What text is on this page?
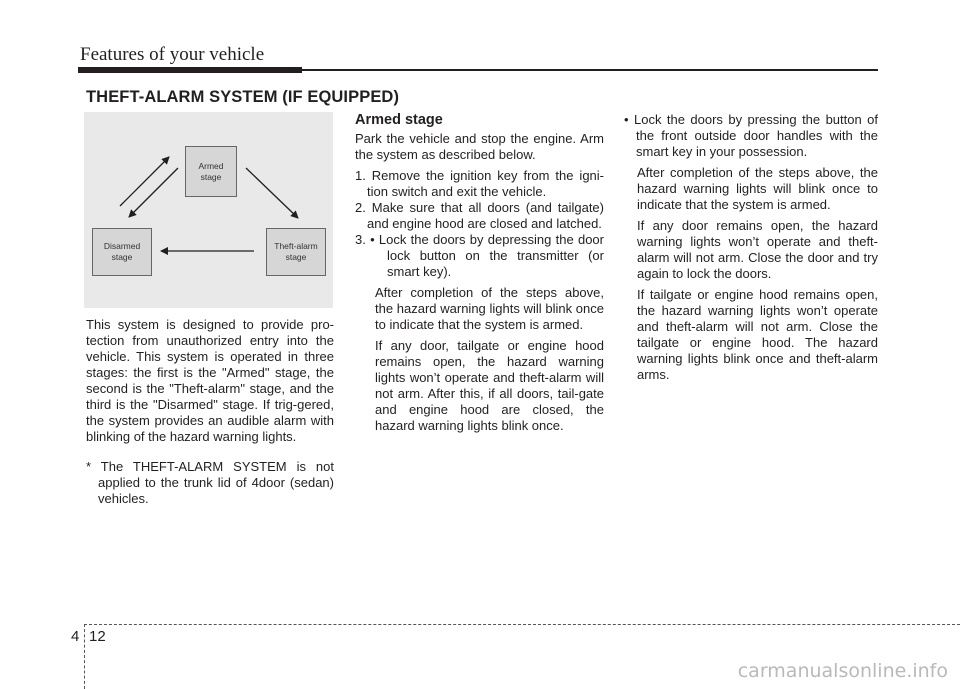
Features of your vehicle
THEFT-ALARM SYSTEM (IF EQUIPPED)
Armed
stage
Disarmed
stage
Theft-alarm
stage

This system is designed to provide pro-tection from unauthorized entry into the vehicle. This system is operated in three stages: the first is the "Armed" stage, the second is the "Theft-alarm" stage, and the third is the "Disarmed" stage. If trig-gered, the system provides an audible alarm with blinking of the hazard warning lights.

* The THEFT-ALARM SYSTEM is not applied to the trunk lid of 4door (sedan) vehicles.

Armed stage

Park the vehicle and stop the engine. Arm the system as described below.

1. Remove the ignition key from the igni-tion switch and exit the vehicle.

2. Make sure that all doors (and tailgate) and engine hood are closed and latched.

3. • Lock the doors by depressing the door lock button on the transmitter (or smart key).

After completion of the steps above, the hazard warning lights will blink once to indicate that the system is armed.

If any door, tailgate or engine hood remains open, the hazard warning lights won’t operate and theft-alarm will not arm. After this, if all doors, tail-gate and engine hood are closed, the hazard warning lights blink once.

• Lock the doors by pressing the button of the front outside door handles with the smart key in your possession.

After completion of the steps above, the hazard warning lights will blink once to indicate that the system is armed.

If any door remains open, the hazard warning lights won’t operate and theft-alarm will not arm. Close the door and try again to lock the doors.

If tailgate or engine hood remains open, the hazard warning lights won’t operate and theft-alarm will not arm. Close the tailgate or engine hood. The hazard warning lights blink once and theft-alarm arms.

4 12
carmanualsonline.info
